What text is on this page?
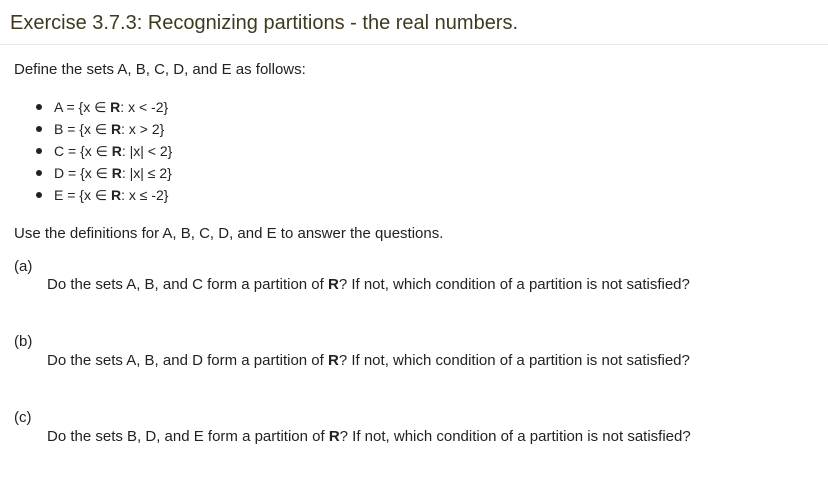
Exercise 3.7.3: Recognizing partitions - the real numbers.
Define the sets A, B, C, D, and E as follows:
A = {x ∈ R: x < -2}
B = {x ∈ R: x > 2}
C = {x ∈ R: |x| < 2}
D = {x ∈ R: |x| ≤ 2}
E = {x ∈ R: x ≤ -2}
Use the definitions for A, B, C, D, and E to answer the questions.
(a)
Do the sets A, B, and C form a partition of R? If not, which condition of a partition is not satisfied?
(b)
Do the sets A, B, and D form a partition of R? If not, which condition of a partition is not satisfied?
(c)
Do the sets B, D, and E form a partition of R? If not, which condition of a partition is not satisfied?
